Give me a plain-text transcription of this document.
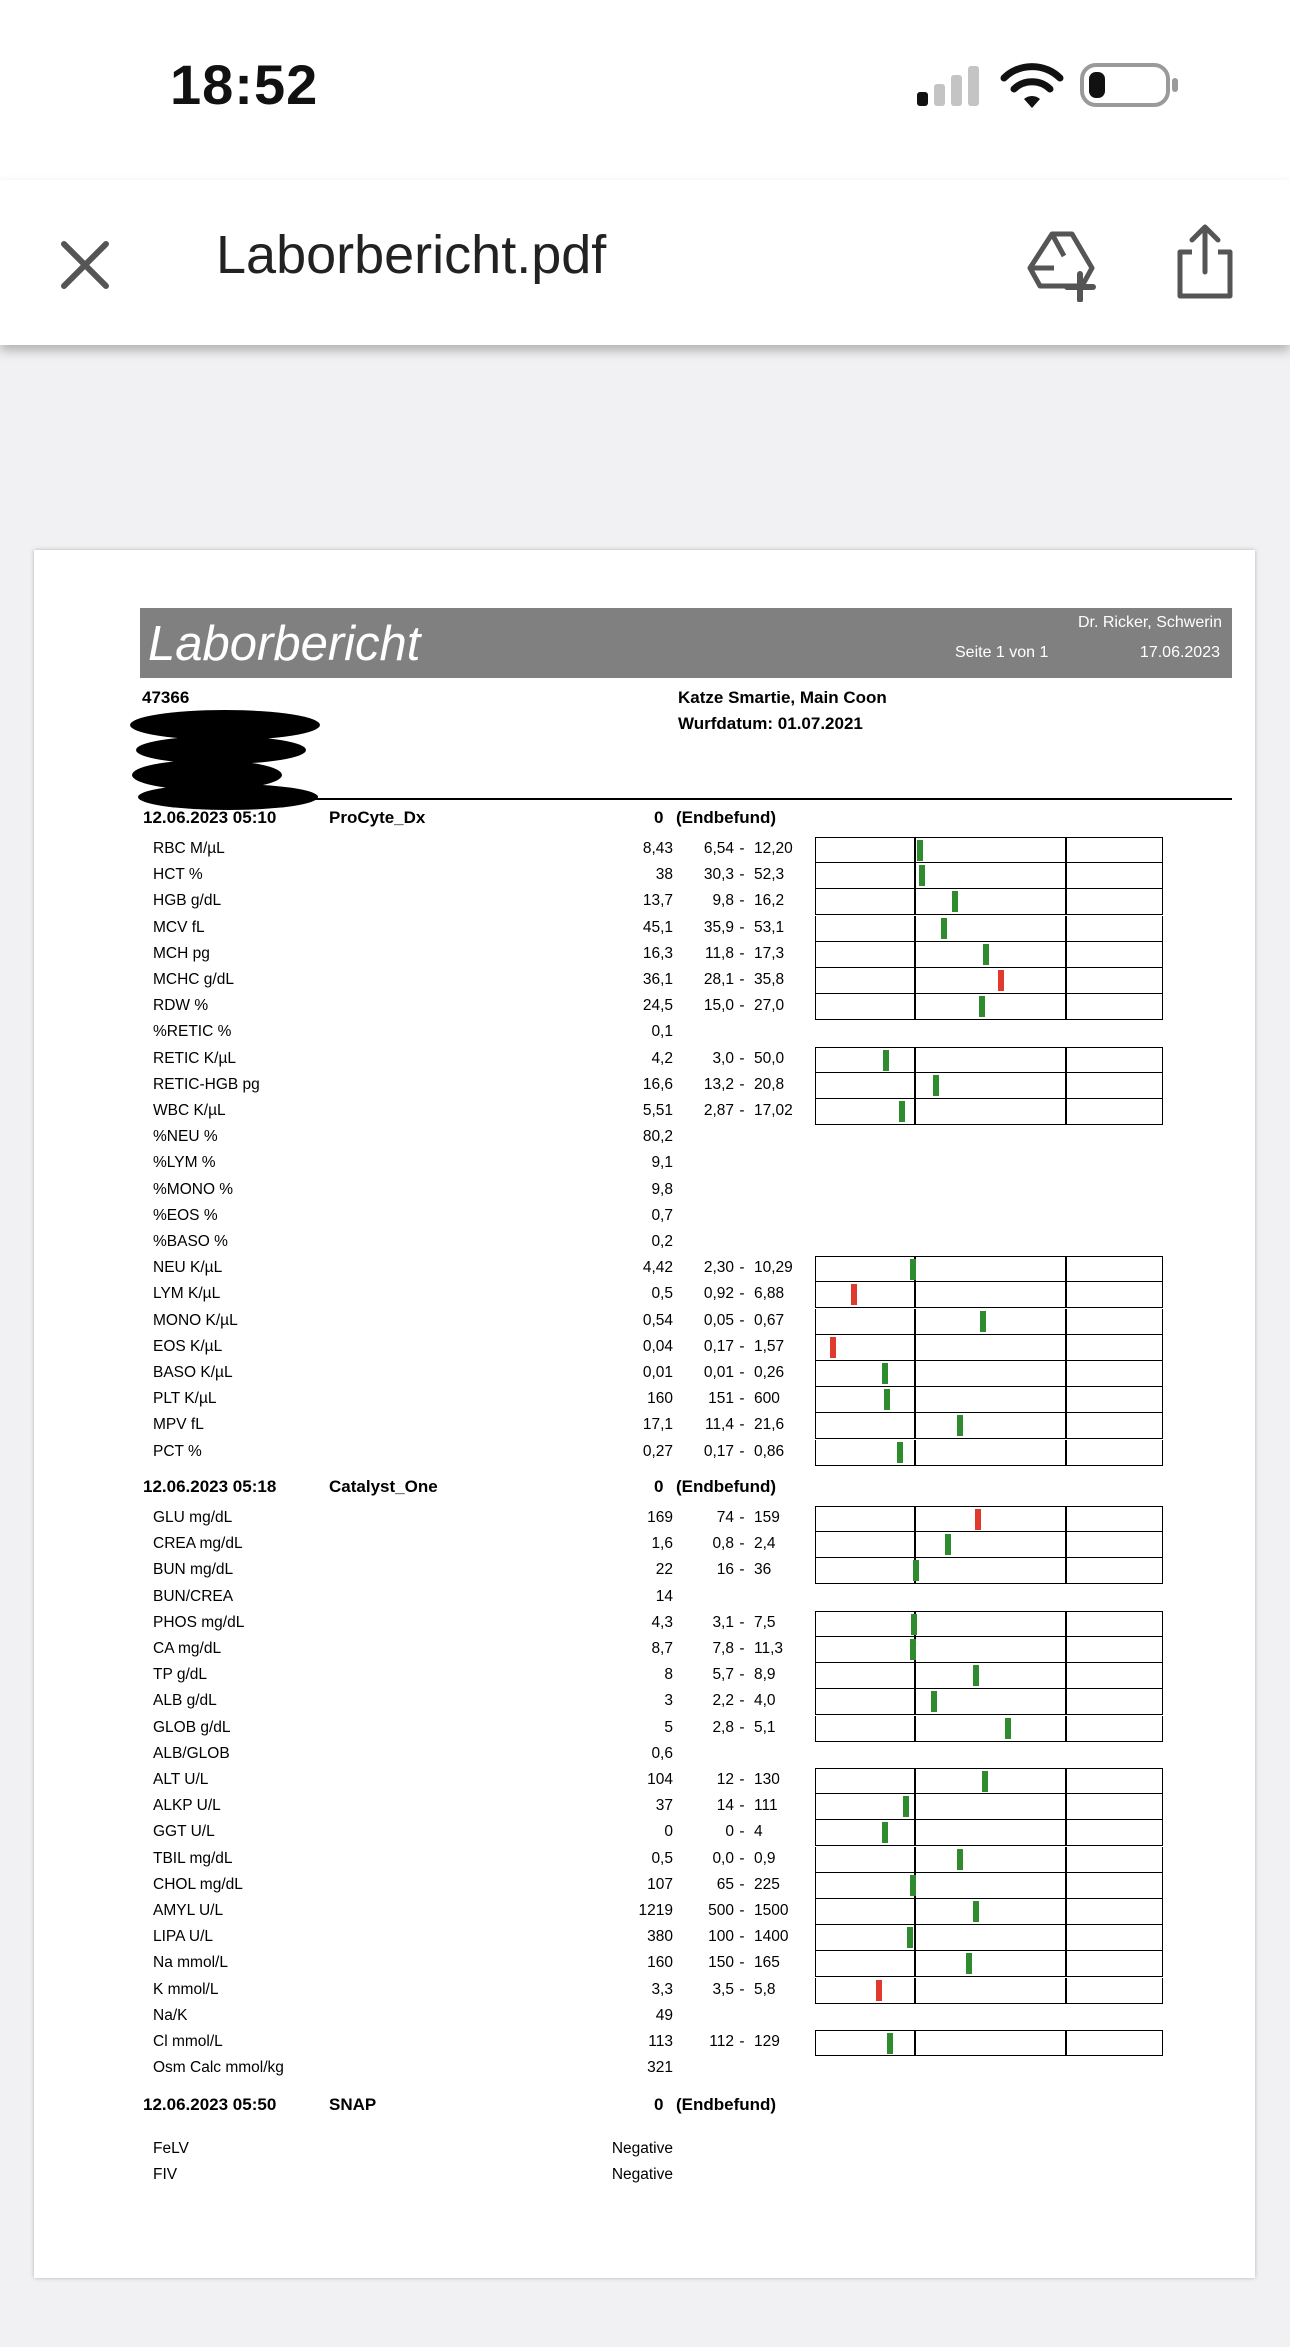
18:52
Laborbericht.pdf
Laborbericht	Dr. Ricker, Schwerin
Seite 1 von 1	17.06.2023
47366	Katze Smartie, Main Coon
Wurfdatum: 01.07.2021
12.06.2023 05:10	ProCyte_Dx	0 (Endbefund)
RBC M/µL	8,43 6,54 - 12,20
HCT %	38 30,3 - 52,3
HGB g/dL	13,7	9,8 - 16,2
MCV fL	45,1 35,9 - 53,1
MCH pg	16,3 11,8 - 17,3
MCHC g/dL	36,1 28,1 - 35,8
RDW %	24,5 15,0 - 27,0
%RETIC %	0,1
RETIC K/µL	4,2	3,0 - 50,0
RETIC-HGB pg	16,6 13,2 - 20,8
WBC K/µL	5,51 2,87 - 17,02
%NEU %	80,2
%LYM %	9,1
%MONO %	9,8
%EOS %	0,7
%BASO %	0,2
NEU K/µL	4,42 2,30 - 10,29
LYM K/µL	0,5 0,92 - 6,88
MONO K/µL	0,54 0,05 - 0,67
EOS K/µL	0,04 0,17 - 1,57
BASO K/µL	0,01 0,01 - 0,26
PLT K/µL	160 151 - 600
MPV fL	17,1 11,4 - 21,6
PCT %	0,27 0,17 - 0,86
12.06.2023 05:18	Catalyst_One	0 (Endbefund)
GLU mg/dL	169	74 - 159
CREA mg/dL	1,6	0,8 - 2,4
BUN mg/dL	22	16 - 36
BUN/CREA	14
PHOS mg/dL	4,3	3,1 - 7,5
CA mg/dL	8,7	7,8 - 11,3
TP g/dL	8	5,7 - 8,9
ALB g/dL	3	2,2 - 4,0
GLOB g/dL	5	2,8 - 5,1
ALB/GLOB	0,6
ALT U/L	104	12 - 130
ALKP U/L	37	14 - 111
GGT U/L	0	0 - 4
TBIL mg/dL	0,5	0,0 - 0,9
CHOL mg/dL	107	65 - 225
AMYL U/L	1219 500 - 1500
LIPA U/L	380 100 - 1400
Na mmol/L	160 150 - 165
K mmol/L	3,3	3,5 - 5,8
Na/K	49
Cl mmol/L	113 112 - 129
Osm Calc mmol/kg	321
12.06.2023 05:50	SNAP	0 (Endbefund)
FeLV	Negative
FIV	Negative
